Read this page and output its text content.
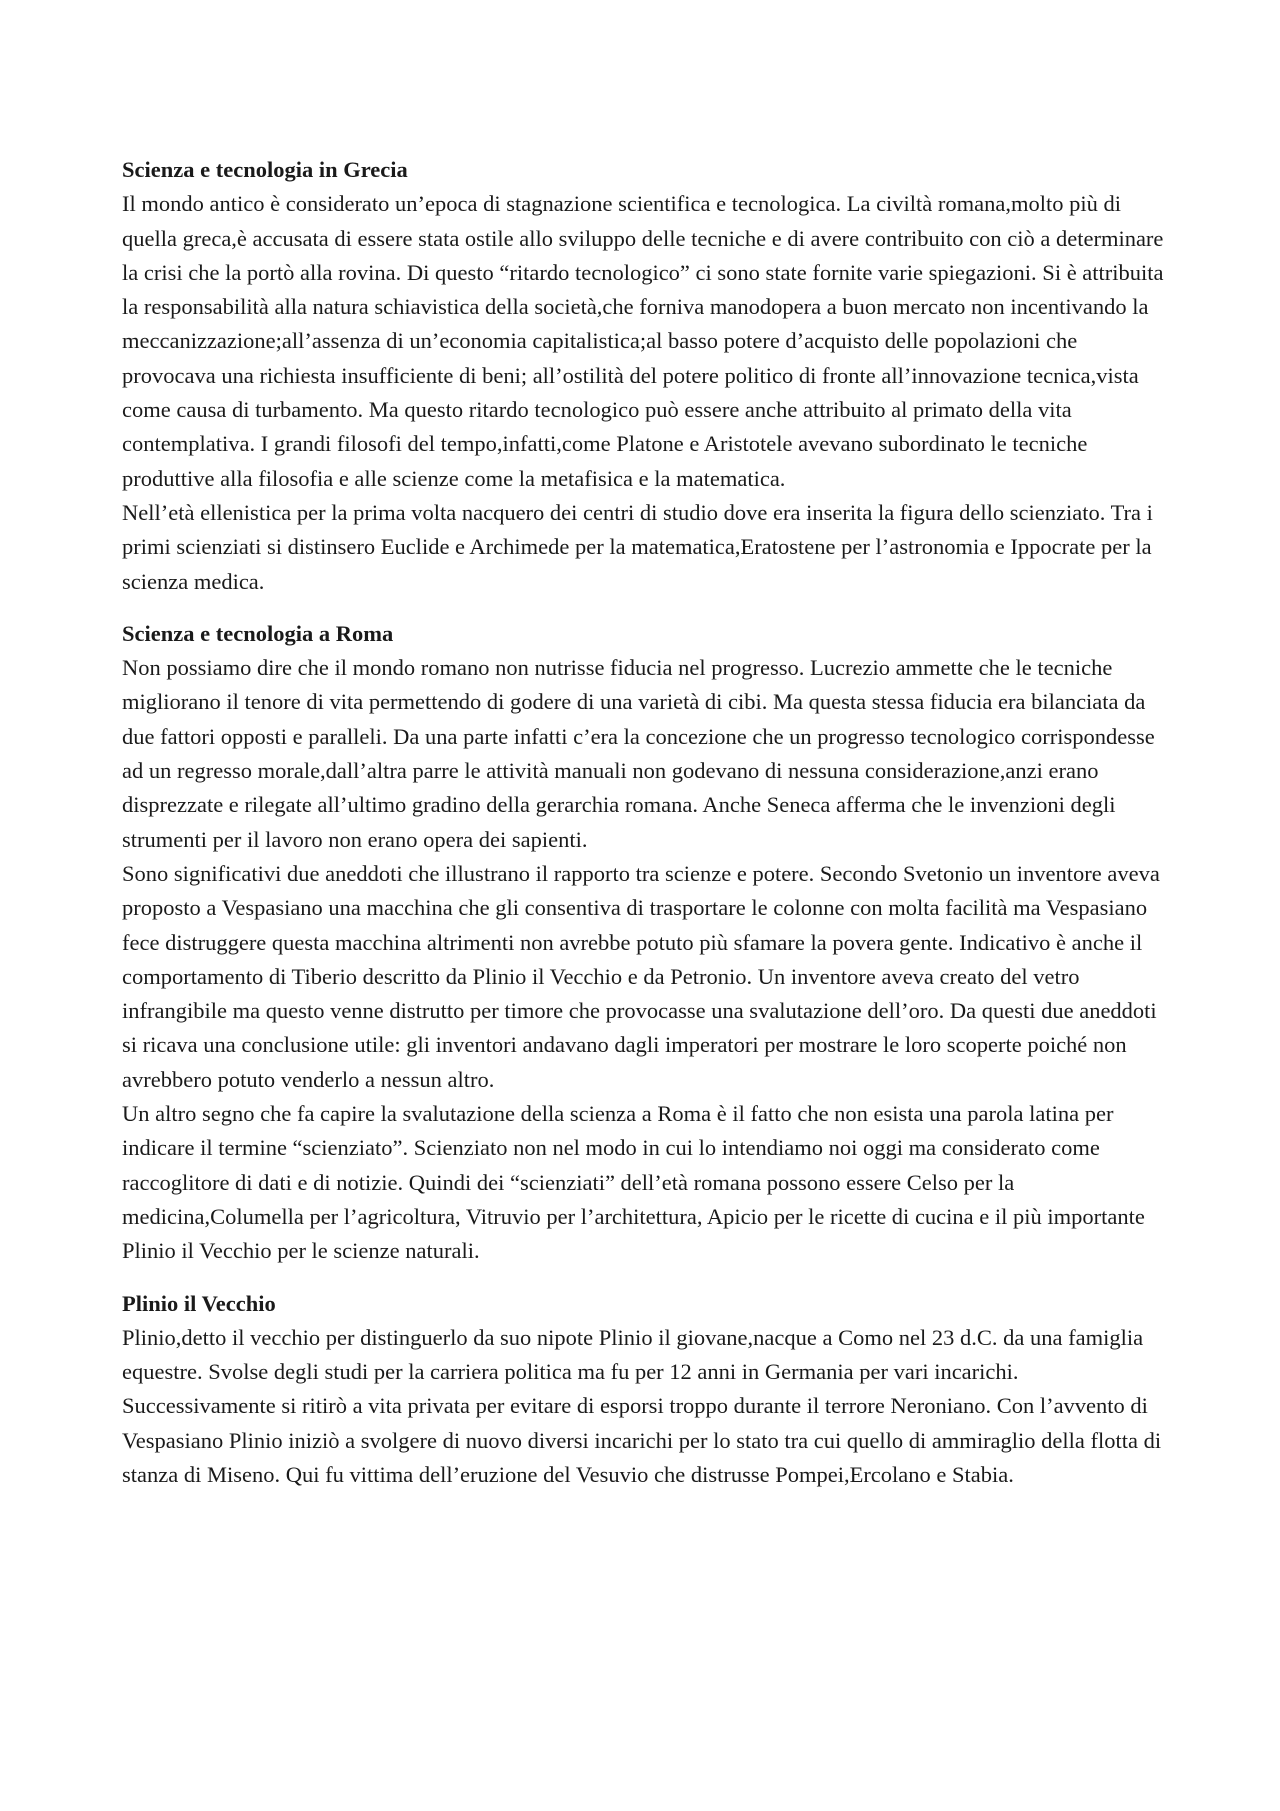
Scienza e tecnologia in Grecia

Il mondo antico è considerato un’epoca di stagnazione scientifica e tecnologica. La civiltà romana,molto più di quella greca,è accusata di essere stata ostile allo sviluppo delle tecniche e di avere contribuito con ciò a determinare la crisi che la portò alla rovina. Di questo “ritardo tecnologico” ci sono state fornite varie spiegazioni. Si è attribuita la responsabilità alla natura schiavistica della società,che forniva manodopera a buon mercato non incentivando la meccanizzazione;all’assenza di un’economia capitalistica;al basso potere d’acquisto delle popolazioni che provocava una richiesta insufficiente di beni; all’ostilità del potere politico di fronte all’innovazione tecnica,vista come causa di turbamento. Ma questo ritardo tecnologico può essere anche attribuito al primato della vita contemplativa. I grandi filosofi del tempo,infatti,come Platone e Aristotele avevano subordinato le tecniche produttive alla filosofia e alle scienze come la metafisica e la matematica.

Nell’età ellenistica per la prima volta nacquero dei centri di studio dove era inserita la figura dello scienziato. Tra i primi scienziati si distinsero Euclide e Archimede per la matematica,Eratostene per l’astronomia e Ippocrate per la scienza medica.

Scienza e tecnologia a Roma

Non possiamo dire che il mondo romano non nutrisse fiducia nel progresso. Lucrezio ammette che le tecniche migliorano il tenore di vita permettendo di godere di una varietà di cibi. Ma questa stessa fiducia era bilanciata da due fattori opposti e paralleli. Da una parte infatti c’era la concezione che un progresso tecnologico corrispondesse ad un regresso morale,dall’altra parre le attività manuali non godevano di nessuna considerazione,anzi erano disprezzate e rilegate all’ultimo gradino della gerarchia romana. Anche Seneca afferma che le invenzioni degli strumenti per il lavoro non erano opera dei sapienti.

Sono significativi due aneddoti che illustrano il rapporto tra scienze e potere. Secondo Svetonio un inventore aveva proposto a Vespasiano una macchina che gli consentiva di trasportare le colonne con molta facilità ma Vespasiano fece distruggere questa macchina altrimenti non avrebbe potuto più sfamare la povera gente. Indicativo è anche il comportamento di Tiberio descritto da Plinio il Vecchio e da Petronio. Un inventore aveva creato del vetro infrangibile ma questo venne distrutto per timore che provocasse una svalutazione dell’oro. Da questi due aneddoti si ricava una conclusione utile: gli inventori andavano dagli imperatori per mostrare le loro scoperte poiché non avrebbero potuto venderlo a nessun altro.

Un altro segno che fa capire la svalutazione della scienza a Roma è il fatto che non esista una parola latina per indicare il termine “scienziato”. Scienziato non nel modo in cui lo intendiamo noi oggi ma considerato come raccoglitore di dati e di notizie. Quindi dei “scienziati” dell’età romana possono essere Celso per la medicina,Columella per l’agricoltura, Vitruvio per l’architettura, Apicio per le ricette di cucina e il più importante Plinio il Vecchio per le scienze naturali.

Plinio il Vecchio

Plinio,detto il vecchio per distinguerlo da suo nipote Plinio il giovane,nacque a Como nel 23 d.C. da una famiglia equestre. Svolse degli studi per la carriera politica ma fu per 12 anni in Germania per vari incarichi. Successivamente si ritirò a vita privata per evitare di esporsi troppo durante il terrore Neroniano. Con l’avvento di Vespasiano Plinio iniziò a svolgere di nuovo diversi incarichi per lo stato tra cui quello di ammiraglio della flotta di stanza di Miseno. Qui fu vittima dell’eruzione del Vesuvio che distrusse Pompei,Ercolano e Stabia.
